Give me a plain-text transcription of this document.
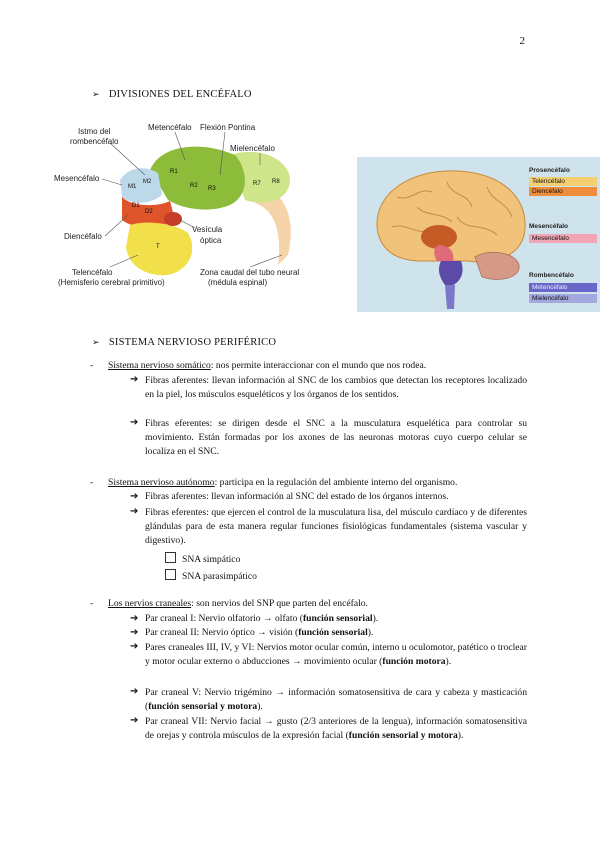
2
➢ DIVISIONES DEL ENCÉFALO
M1
M2
R1
R2 R3
R7 R8
D2
D1
T
Istmo del
rombencéfalo
Metencéfalo Flexión Pontina
Mielencéfalo
Mesencéfalo
Diencéfalo
Vesícula
óptica
Telencéfalo
(Hemisferio cerebral primitivo)
Zona caudal del tubo neural
(médula espinal)
Prosencéfalo
Telencéfalo
Diencéfalo
Mesencéfalo
Mesencéfalo
Rombencéfalo
Metencéfalo
Mielencéfalo
➢ SISTEMA NERVIOSO PERIFÉRICO
- Sistema nervioso somático: nos permite interaccionar con el mundo que nos rodea.
➔ Fibras aferentes: llevan información al SNC de los cambios que detectan los receptores localizado en la piel, los músculos esqueléticos y los órganos de los sentidos.
➔ Fibras eferentes: se dirigen desde el SNC a la musculatura esquelética para controlar su movimiento. Están formadas por los axones de las neuronas motoras cuyo cuerpo celular se localiza en el SNC.
- Sistema nervioso autónomo: participa en la regulación del ambiente interno del organismo.
➔ Fibras aferentes: llevan información al SNC del estado de los órganos internos.
➔ Fibras eferentes: que ejercen el control de la musculatura lisa, del músculo cardíaco y de diferentes glándulas para de esta manera regular funciones fisiológicas fundamentales (sistema vascular y digestivo).
SNA simpático
SNA parasimpático
- Los nervios craneales: son nervios del SNP que parten del encéfalo.
➔ Par craneal I: Nervio olfatorio → olfato (función sensorial).
➔ Par craneal II: Nervio óptico → visión (función sensorial).
➔ Pares craneales III, IV, y VI: Nervios motor ocular común, interno u oculomotor, patético o troclear y motor ocular externo o abducciones → movimiento ocular (función motora).
➔ Par craneal V: Nervio trigémino → información somatosensitiva de cara y cabeza y masticación (función sensorial y motora).
➔ Par craneal VII: Nervio facial → gusto (2/3 anteriores de la lengua), información somatosensitiva de orejas y controla músculos de la expresión facial (función sensorial y motora).
